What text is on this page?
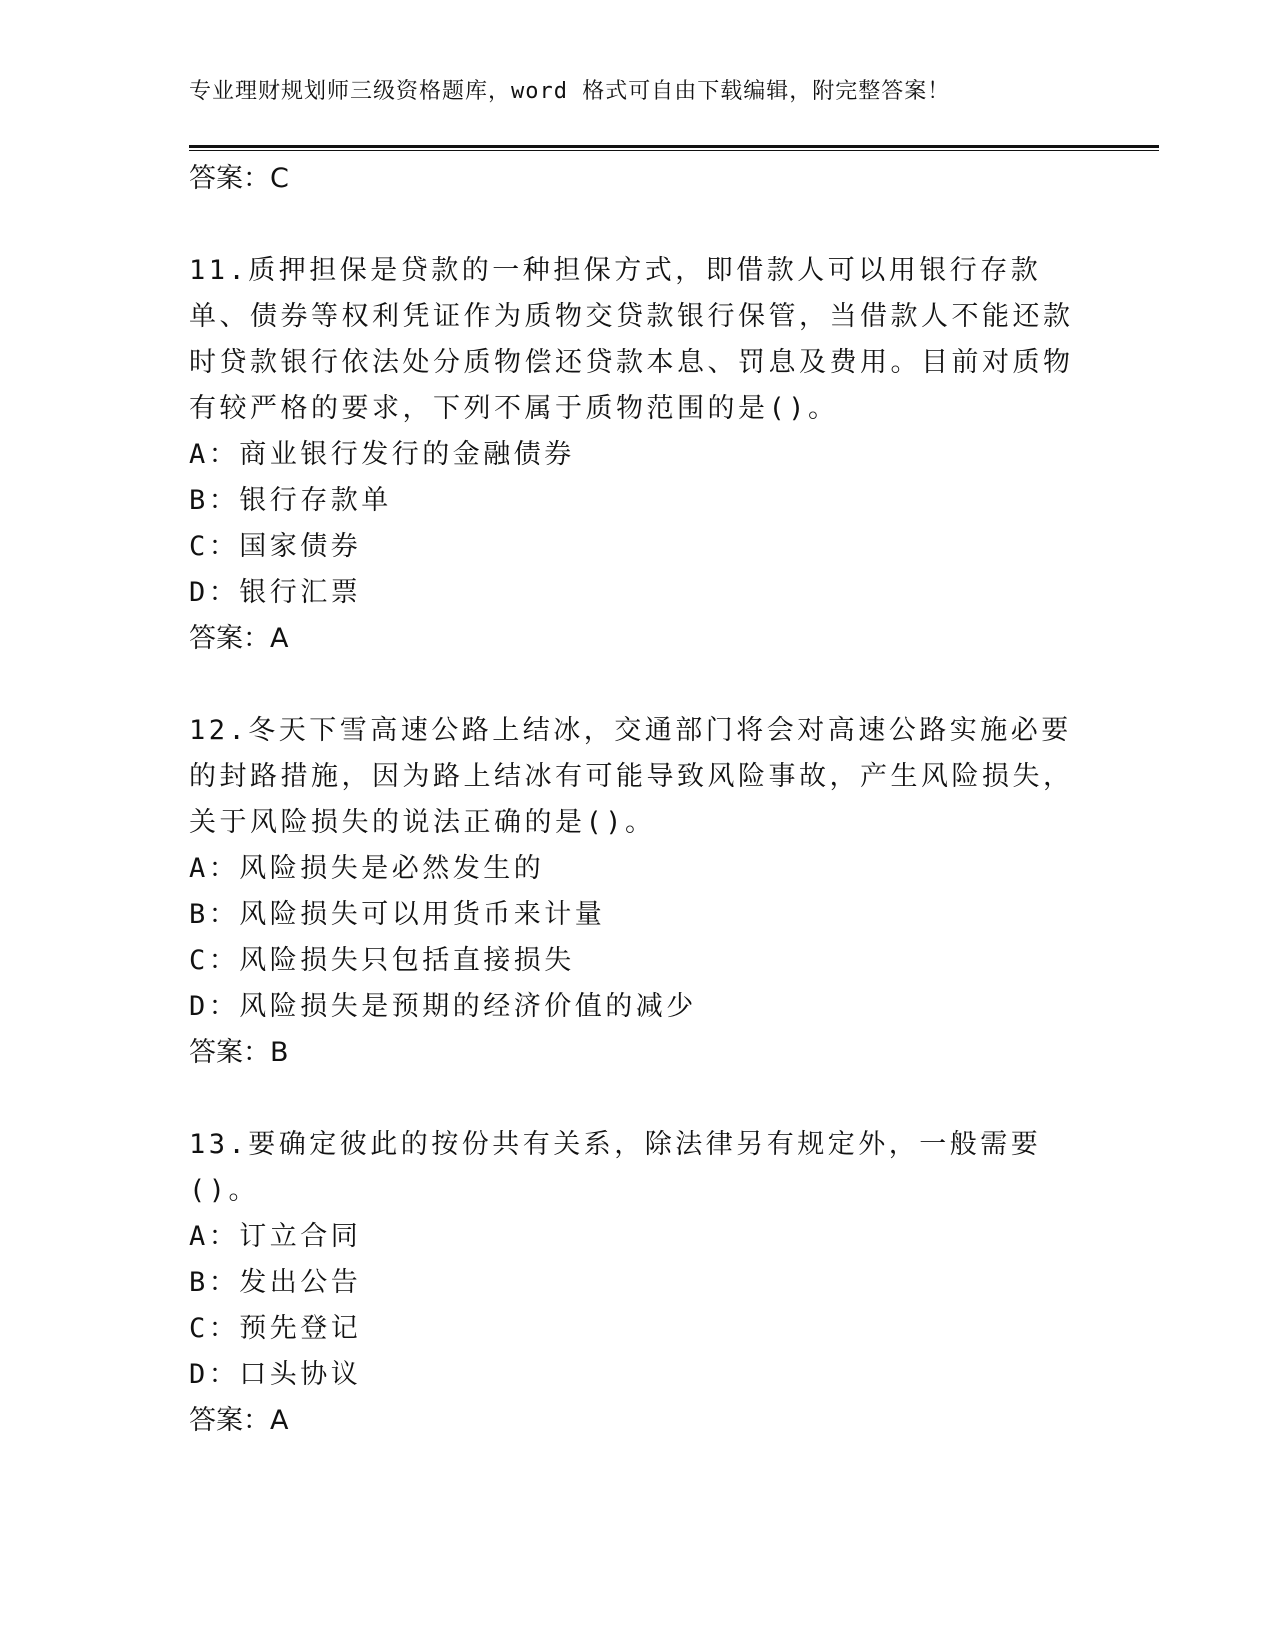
专业理财规划师三级资格题库，word 格式可自由下载编辑，附完整答案！
答案：C

11.质押担保是贷款的一种担保方式，即借款人可以用银行存款单、债券等权利凭证作为质物交贷款银行保管，当借款人不能还款时贷款银行依法处分质物偿还贷款本息、罚息及费用。目前对质物有较严格的要求，下列不属于质物范围的是()。

A：商业银行发行的金融债券
B：银行存款单
C：国家债券
D：银行汇票
答案：A

12.冬天下雪高速公路上结冰，交通部门将会对高速公路实施必要的封路措施，因为路上结冰有可能导致风险事故，产生风险损失，关于风险损失的说法正确的是()。

A：风险损失是必然发生的
B：风险损失可以用货币来计量
C：风险损失只包括直接损失
D：风险损失是预期的经济价值的减少
答案：B

13.要确定彼此的按份共有关系，除法律另有规定外，一般需要()。

A：订立合同
B：发出公告
C：预先登记
D：口头协议
答案：A
